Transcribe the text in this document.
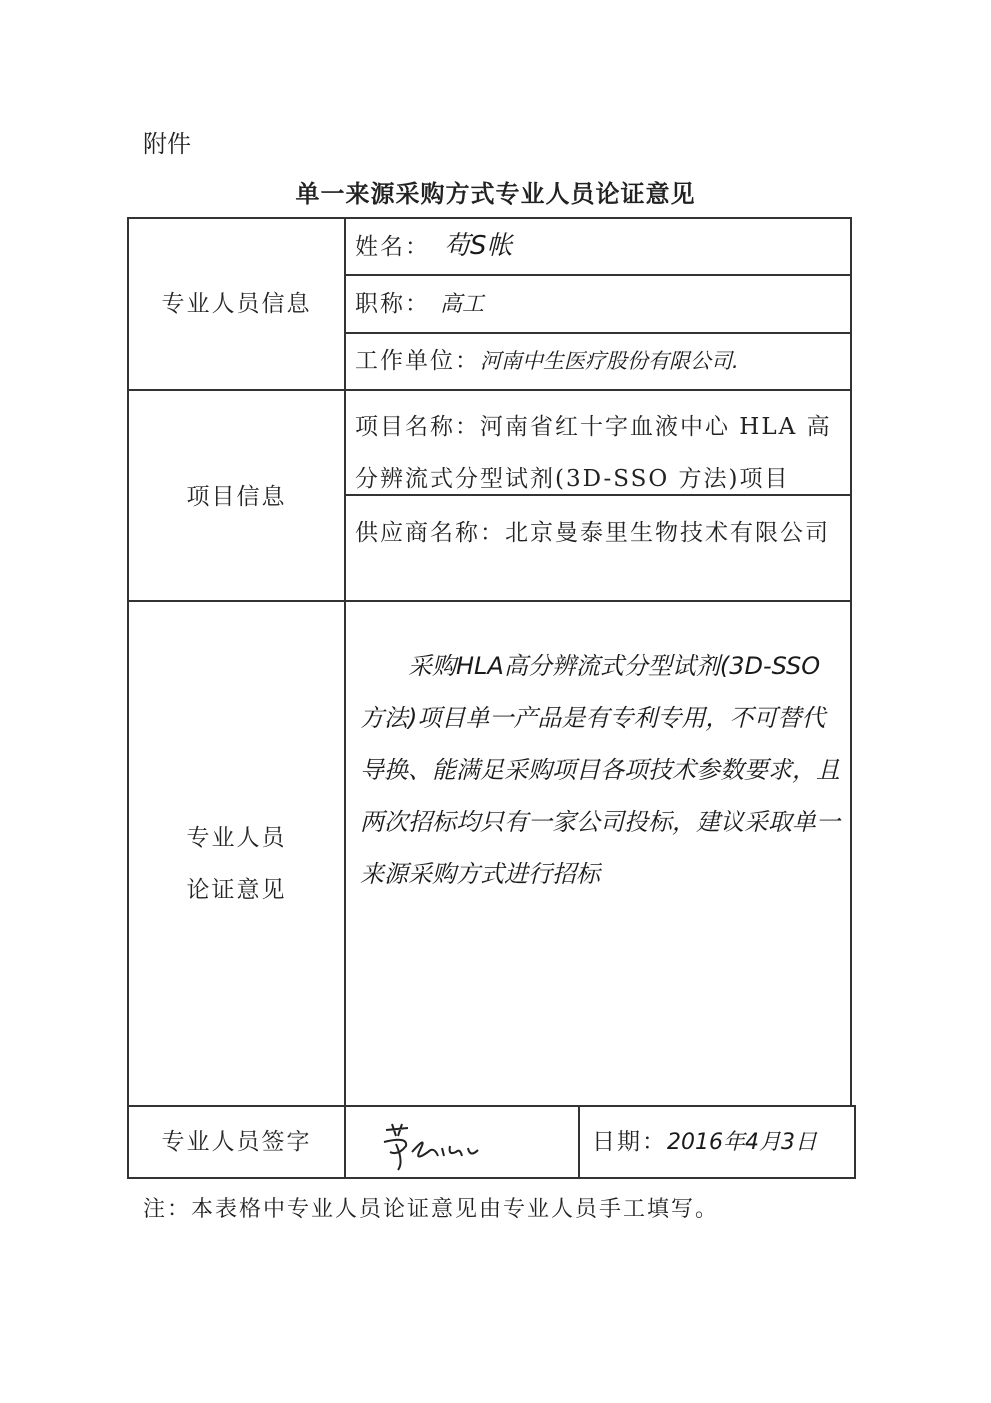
附件
单一来源采购方式专业人员论证意见
专业人员信息
姓名： 苟S帐
职称： 高工
工作单位：河南中生医疗股份有限公司.
项目信息
项目名称：河南省红十字血液中心 HLA 高分辨流式分型试剂(3D-SSO 方法)项目
供应商名称：北京曼泰里生物技术有限公司
专业人员
论证意见
采购HLA高分辨流式分型试剂(3D-SSO方法)项目单一产品是有专利专用，不可替代导换、能满足采购项目各项技术参数要求，且两次招标均只有一家公司投标，建议采取单一来源采购方式进行招标
专业人员签字	日期：2016年4月3日
注：本表格中专业人员论证意见由专业人员手工填写。
